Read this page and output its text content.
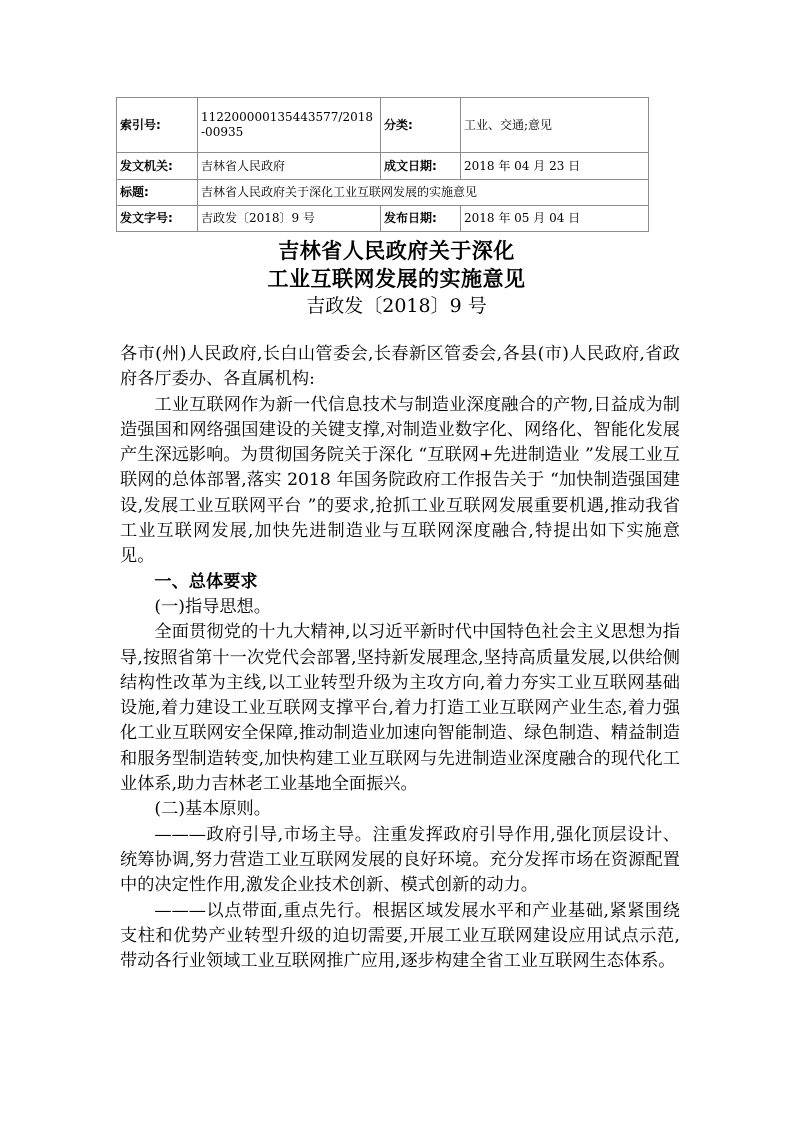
索引号:	112200000135443577/2018-00935	分类:	工业、交通;意见
发文机关:	吉林省人民政府	成文日期:	2018 年 04 月 23 日
标题:	吉林省人民政府关于深化工业互联网发展的实施意见		
发文字号:	吉政发〔2018〕9 号	发布日期:	2018 年 05 月 04 日
吉林省人民政府关于深化
工业互联网发展的实施意见
吉政发〔2018〕9 号

各市(州)人民政府,长白山管委会,长春新区管委会,各县(市)人民政府,省政府各厅委办、各直属机构:

工业互联网作为新一代信息技术与制造业深度融合的产物,日益成为制造强国和网络强国建设的关键支撑,对制造业数字化、网络化、智能化发展产生深远影响。为贯彻国务院关于深化 “互联网+先进制造业 ”发展工业互联网的总体部署,落实 2018 年国务院政府工作报告关于 “加快制造强国建设,发展工业互联网平台 ”的要求,抢抓工业互联网发展重要机遇,推动我省工业互联网发展,加快先进制造业与互联网深度融合,特提出如下实施意见。

一、总体要求

(一)指导思想。

全面贯彻党的十九大精神,以习近平新时代中国特色社会主义思想为指导,按照省第十一次党代会部署,坚持新发展理念,坚持高质量发展,以供给侧结构性改革为主线,以工业转型升级为主攻方向,着力夯实工业互联网基础设施,着力建设工业互联网支撑平台,着力打造工业互联网产业生态,着力强化工业互联网安全保障,推动制造业加速向智能制造、绿色制造、精益制造和服务型制造转变,加快构建工业互联网与先进制造业深度融合的现代化工业体系,助力吉林老工业基地全面振兴。

(二)基本原则。

———政府引导,市场主导。注重发挥政府引导作用,强化顶层设计、统筹协调,努力营造工业互联网发展的良好环境。充分发挥市场在资源配置中的决定性作用,激发企业技术创新、模式创新的动力。

———以点带面,重点先行。根据区域发展水平和产业基础,紧紧围绕支柱和优势产业转型升级的迫切需要,开展工业互联网建设应用试点示范,带动各行业领域工业互联网推广应用,逐步构建全省工业互联网生态体系。
